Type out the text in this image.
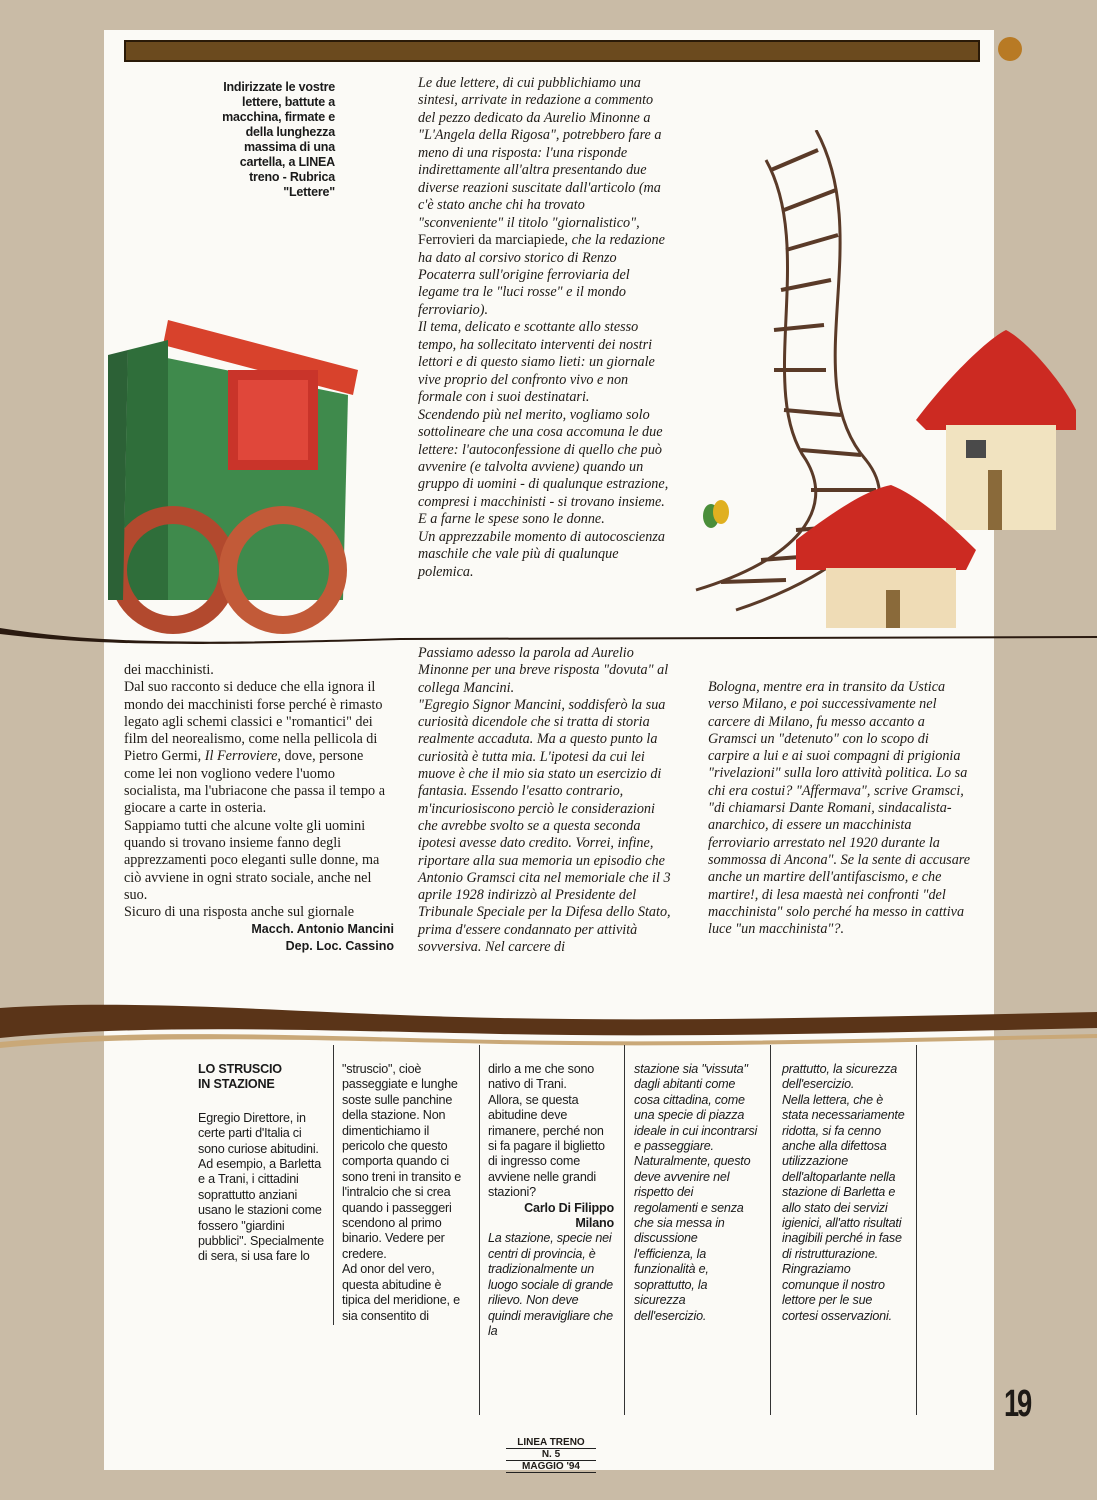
Indirizzate le vostre
lettere, battute a
macchina, firmate e
della lunghezza
massima di una
cartella, a LINEA
treno - Rubrica
"Lettere"

Le due lettere, di cui pubblichiamo una sintesi, arrivate in redazione a commento del pezzo dedicato da Aurelio Minonne a "L'Angela della Rigosa", potrebbero fare a meno di una risposta: l'una risponde indirettamente all'altra presentando due diverse reazioni suscitate dall'articolo (ma c'è stato anche chi ha trovato "sconveniente" il titolo "giornalistico", Ferrovieri da marciapiede, che la redazione ha dato al corsivo storico di Renzo Pocaterra sull'origine ferroviaria del legame tra le "luci rosse" e il mondo ferroviario).

Il tema, delicato e scottante allo stesso tempo, ha sollecitato interventi dei nostri lettori e di questo siamo lieti: un giornale vive proprio del confronto vivo e non formale con i suoi destinatari.

Scendendo più nel merito, vogliamo solo sottolineare che una cosa accomuna le due lettere: l'autoconfessione di quello che può avvenire (e talvolta avviene) quando un gruppo di uomini - di qualunque estrazione, compresi i macchinisti - si trovano insieme.

E a farne le spese sono le donne.

Un apprezzabile momento di autocoscienza maschile che vale più di qualunque polemica.

dei macchinisti.

Dal suo racconto si deduce che ella ignora il mondo dei macchinisti forse perché è rimasto legato agli schemi classici e "romantici" dei film del neorealismo, come nella pellicola di Pietro Germi, Il Ferroviere, dove, persone come lei non vogliono vedere l'uomo socialista, ma l'ubriacone che passa il tempo a giocare a carte in osteria.

Sappiamo tutti che alcune volte gli uomini quando si trovano insieme fanno degli apprezzamenti poco eleganti sulle donne, ma ciò avviene in ogni strato sociale, anche nel suo.

Sicuro di una risposta anche sul giornale

Macch. Antonio Mancini
Dep. Loc. Cassino

Passiamo adesso la parola ad Aurelio Minonne per una breve risposta "dovuta" al collega Mancini.

"Egregio Signor Mancini, soddisferò la sua curiosità dicendole che si tratta di storia realmente accaduta. Ma a questo punto la curiosità è tutta mia. L'ipotesi da cui lei muove è che il mio sia stato un esercizio di fantasia. Essendo l'esatto contrario, m'incuriosiscono perciò le considerazioni che avrebbe svolto se a questa seconda ipotesi avesse dato credito. Vorrei, infine, riportare alla sua memoria un episodio che Antonio Gramsci cita nel memoriale che il 3 aprile 1928 indirizzò al Presidente del Tribunale Speciale per la Difesa dello Stato, prima d'essere condannato per attività sovversiva. Nel carcere di

Bologna, mentre era in transito da Ustica verso Milano, e poi successivamente nel carcere di Milano, fu messo accanto a Gramsci un "detenuto" con lo scopo di carpire a lui e ai suoi compagni di prigionia "rivelazioni" sulla loro attività politica. Lo sa chi era costui? "Affermava", scrive Gramsci, "di chiamarsi Dante Romani, sindacalista-anarchico, di essere un macchinista ferroviario arrestato nel 1920 durante la sommossa di Ancona". Se la sente di accusare anche un martire dell'antifascismo, e che martire!, di lesa maestà nei confronti "del macchinista" solo perché ha messo in cattiva luce "un macchinista"?.

LO STRUSCIO
IN STAZIONE

Egregio Direttore, in certe parti d'Italia ci sono curiose abitudini. Ad esempio, a Barletta e a Trani, i cittadini soprattutto anziani usano le stazioni come fossero "giardini pubblici". Specialmente di sera, si usa fare lo

"struscio", cioè passeggiate e lunghe soste sulle panchine della stazione. Non dimentichiamo il pericolo che questo comporta quando ci sono treni in transito e l'intralcio che si crea quando i passeggeri scendono al primo binario. Vedere per credere.

Ad onor del vero, questa abitudine è tipica del meridione, e sia consentito di

dirlo a me che sono nativo di Trani.

Allora, se questa abitudine deve rimanere, perché non si fa pagare il biglietto di ingresso come avviene nelle grandi stazioni?

Carlo Di Filippo
Milano

La stazione, specie nei centri di provincia, è tradizionalmente un luogo sociale di grande rilievo. Non deve quindi meravigliare che la

stazione sia "vissuta" dagli abitanti come cosa cittadina, come una specie di piazza ideale in cui incontrarsi e passeggiare. Naturalmente, questo deve avvenire nel rispetto dei regolamenti e senza che sia messa in discussione l'efficienza, la funzionalità e, soprattutto, la sicurezza dell'esercizio.

prattutto, la sicurezza dell'esercizio.

Nella lettera, che è stata necessariamente ridotta, si fa cenno anche alla difettosa utilizzazione dell'altoparlante nella stazione di Barletta e allo stato dei servizi igienici, all'atto risultati inagibili perché in fase di ristrutturazione.

Ringraziamo comunque il nostro lettore per le sue cortesi osservazioni.

19
LINEA TRENO
N. 5
MAGGIO '94
